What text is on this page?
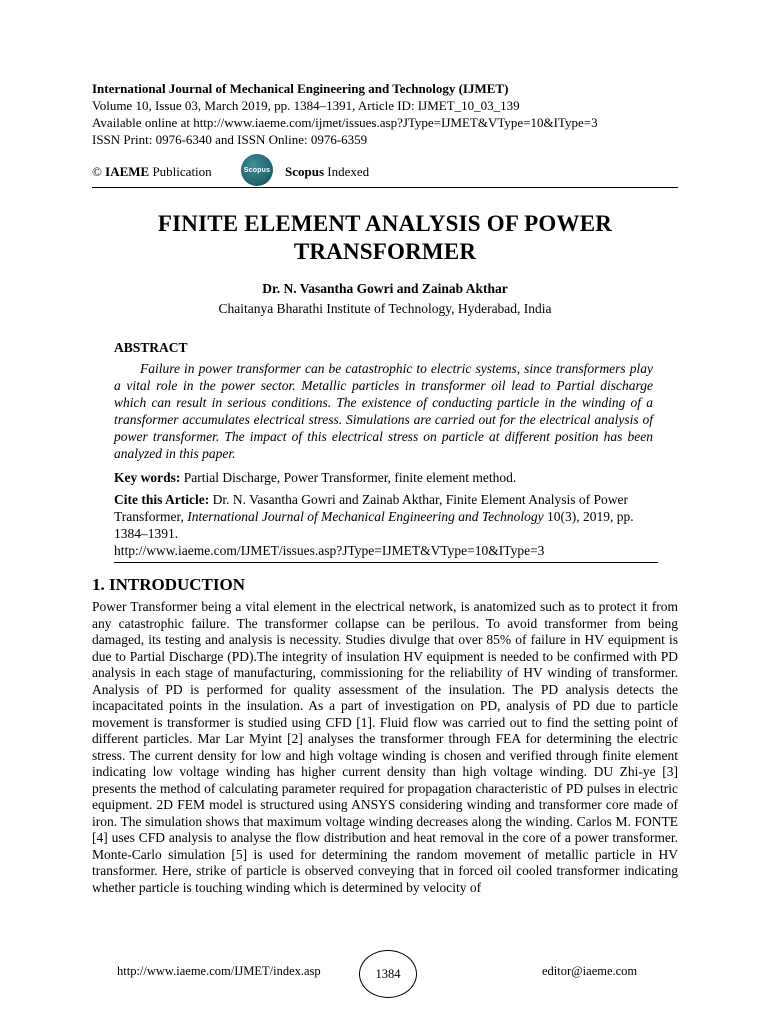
International Journal of Mechanical Engineering and Technology (IJMET)
Volume 10, Issue 03, March 2019, pp. 1384–1391, Article ID: IJMET_10_03_139
Available online at http://www.iaeme.com/ijmet/issues.asp?JType=IJMET&VType=10&IType=3
ISSN Print: 0976-6340 and ISSN Online: 0976-6359
© IAEME Publication	Scopus Scopus Indexed
FINITE ELEMENT ANALYSIS OF POWER TRANSFORMER
Dr. N. Vasantha Gowri and Zainab Akthar
Chaitanya Bharathi Institute of Technology, Hyderabad, India
ABSTRACT
Failure in power transformer can be catastrophic to electric systems, since transformers play a vital role in the power sector. Metallic particles in transformer oil lead to Partial discharge which can result in serious conditions. The existence of conducting particle in the winding of a transformer accumulates electrical stress. Simulations are carried out for the electrical analysis of power transformer. The impact of this electrical stress on particle at different position has been analyzed in this paper.
Key words: Partial Discharge, Power Transformer, finite element method.
Cite this Article: Dr. N. Vasantha Gowri and Zainab Akthar, Finite Element Analysis of Power Transformer, International Journal of Mechanical Engineering and Technology 10(3), 2019, pp. 1384–1391.
http://www.iaeme.com/IJMET/issues.asp?JType=IJMET&VType=10&IType=3
1. INTRODUCTION
Power Transformer being a vital element in the electrical network, is anatomized such as to protect it from any catastrophic failure. The transformer collapse can be perilous. To avoid transformer from being damaged, its testing and analysis is necessity. Studies divulge that over 85% of failure in HV equipment is due to Partial Discharge (PD).The integrity of insulation HV equipment is needed to be confirmed with PD analysis in each stage of manufacturing, commissioning for the reliability of HV winding of transformer. Analysis of PD is performed for quality assessment of the insulation. The PD analysis detects the incapacitated points in the insulation. As a part of investigation on PD, analysis of PD due to particle movement is transformer is studied using CFD [1]. Fluid flow was carried out to find the setting point of different particles. Mar Lar Myint [2] analyses the transformer through FEA for determining the electric stress. The current density for low and high voltage winding is chosen and verified through finite element indicating low voltage winding has higher current density than high voltage winding. DU Zhi-ye [3] presents the method of calculating parameter required for propagation characteristic of PD pulses in electric equipment. 2D FEM model is structured using ANSYS considering winding and transformer core made of iron. The simulation shows that maximum voltage winding decreases along the winding. Carlos M. FONTE [4] uses CFD analysis to analyse the flow distribution and heat removal in the core of a power transformer. Monte-Carlo simulation [5] is used for determining the random movement of metallic particle in HV transformer. Here, strike of particle is observed conveying that in forced oil cooled transformer indicating whether particle is touching winding which is determined by velocity of
http://www.iaeme.com/IJMET/index.asp	1384	editor@iaeme.com
